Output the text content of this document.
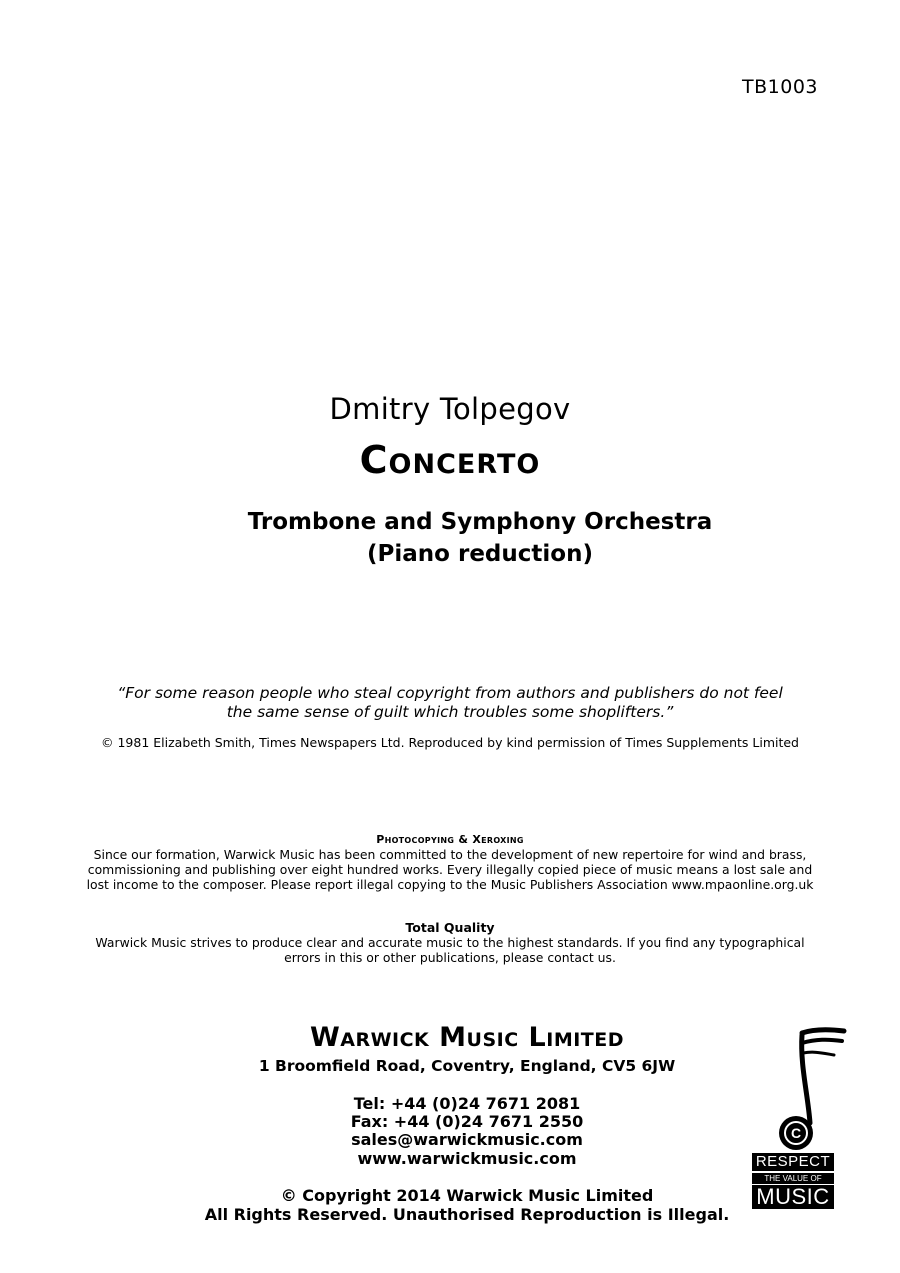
TB1003
Dmitry Tolpegov
Concerto
Trombone and Symphony Orchestra
(Piano reduction)
“For some reason people who steal copyright from authors and publishers do not feel
the same sense of guilt which troubles some shoplifters.”
© 1981 Elizabeth Smith, Times Newspapers Ltd. Reproduced by kind permission of Times Supplements Limited
Photocopying & Xeroxing
Since our formation, Warwick Music has been committed to the development of new repertoire for wind and brass,
commissioning and publishing over eight hundred works. Every illegally copied piece of music means a lost sale and
lost income to the composer. Please report illegal copying to the Music Publishers Association www.mpaonline.org.uk
Total Quality
Warwick Music strives to produce clear and accurate music to the highest standards. If you find any typographical
errors in this or other publications, please contact us.
Warwick Music Limited
1 Broomfield Road, Coventry, England, CV5 6JW
Tel: +44 (0)24 7671 2081
Fax: +44 (0)24 7671 2550
sales@warwickmusic.com
www.warwickmusic.com
© Copyright 2014 Warwick Music Limited
All Rights Reserved. Unauthorised Reproduction is Illegal.
C
RESPECT
THE VALUE OF
MUSIC
